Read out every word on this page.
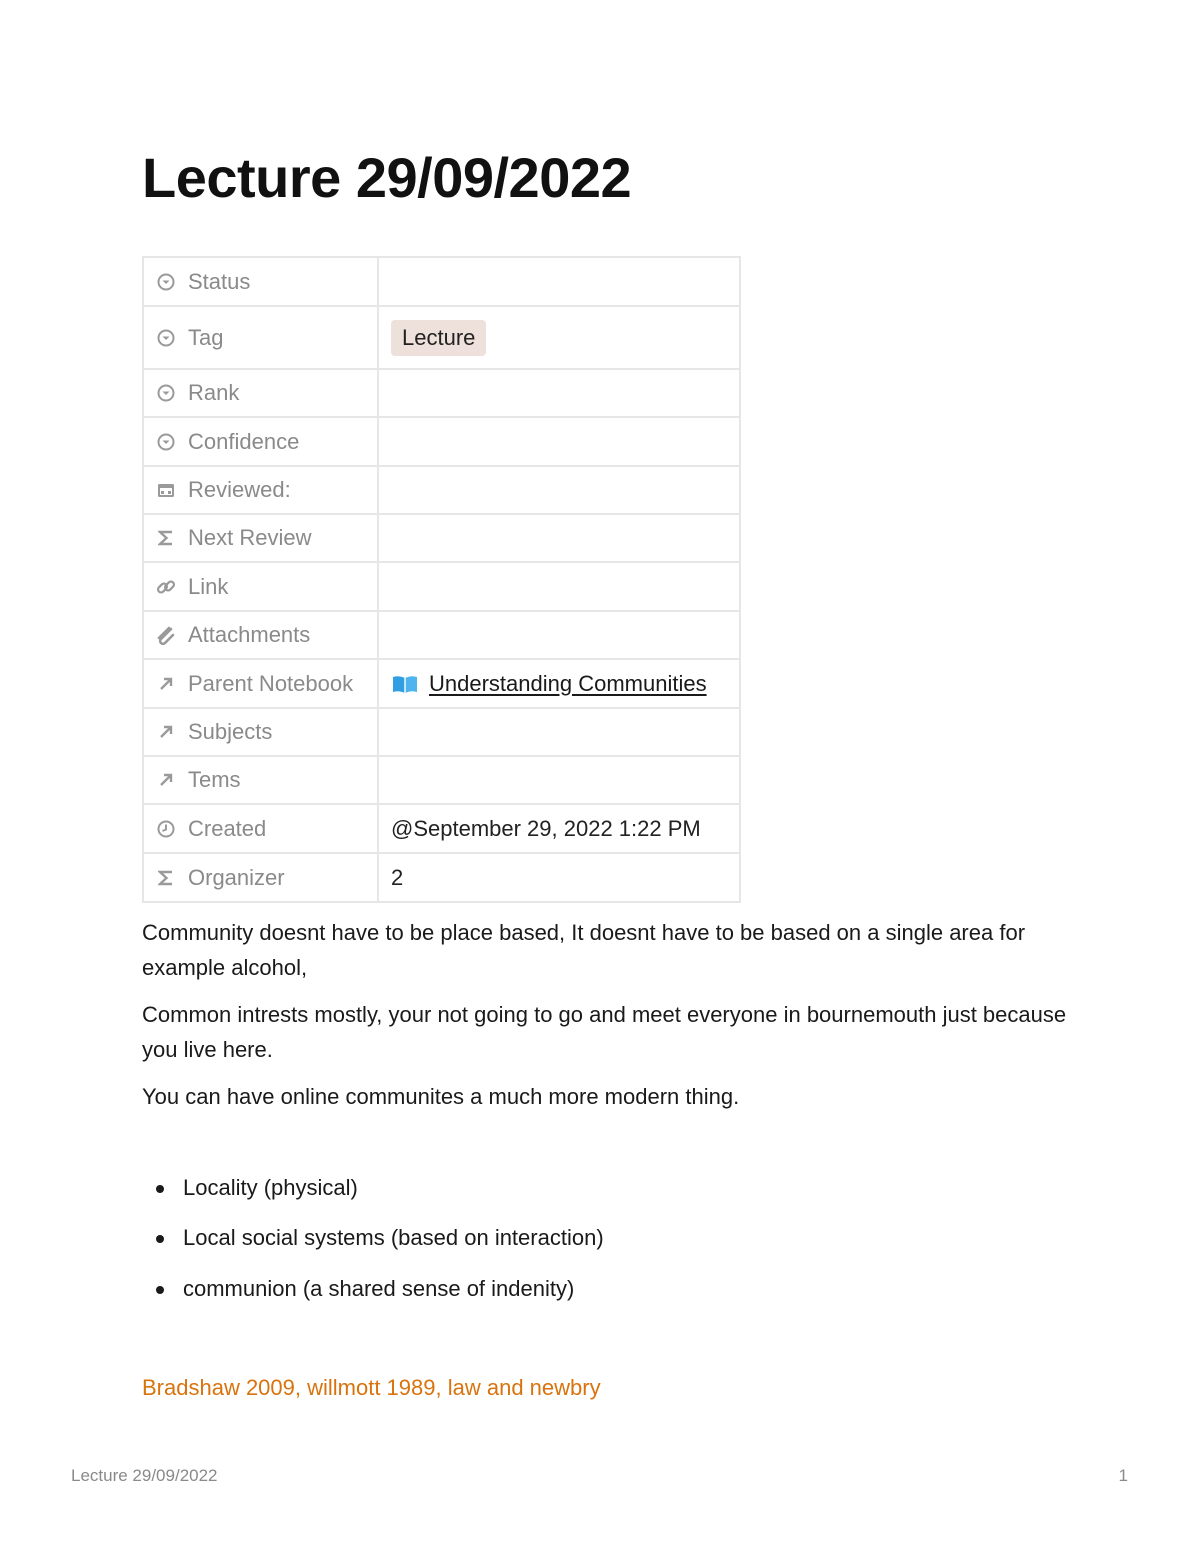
Lecture 29/09/2022
Status	

Tag	Lecture

Rank	

Confidence	

Reviewed:	

Next Review	

Link	

Attachments	

Parent Notebook	Understanding Communities

Subjects	

Tems	

Created	@September 29, 2022 1:22 PM

Organizer	2

Community doesnt have to be place based, It doesnt have to be based on a single area for example alcohol,

Common intrests mostly, your not going to go and meet everyone in bournemouth just because you live here.

You can have online communites a much more modern thing.

Locality (physical)
Local social systems (based on interaction)
communion (a shared sense of indenity)

Bradshaw 2009, willmott 1989, law and newbry

Lecture 29/09/2022	1
